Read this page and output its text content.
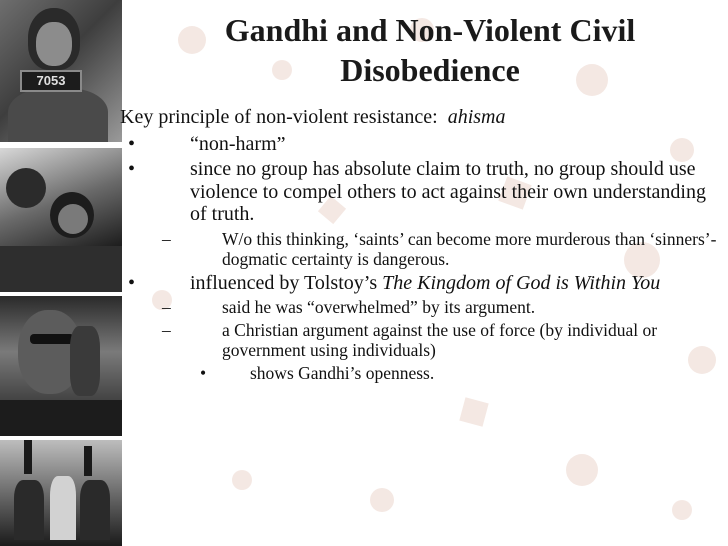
7053
Gandhi and Non-Violent Civil
Disobedience

Key principle of non-violent resistance: ahisma

•	“non-harm”
•	since no group has absolute claim to truth, no group should use violence to compel others to act against their own understanding of truth.
–	W/o this thinking, ‘saints’ can become more murderous than ‘sinners’- dogmatic certainty is dangerous.
•	influenced by Tolstoy’s The Kingdom of God is Within You
–	said he was “overwhelmed” by its argument.
–	a Christian argument against the use of force (by individual or government using individuals)
•	shows Gandhi’s openness.
